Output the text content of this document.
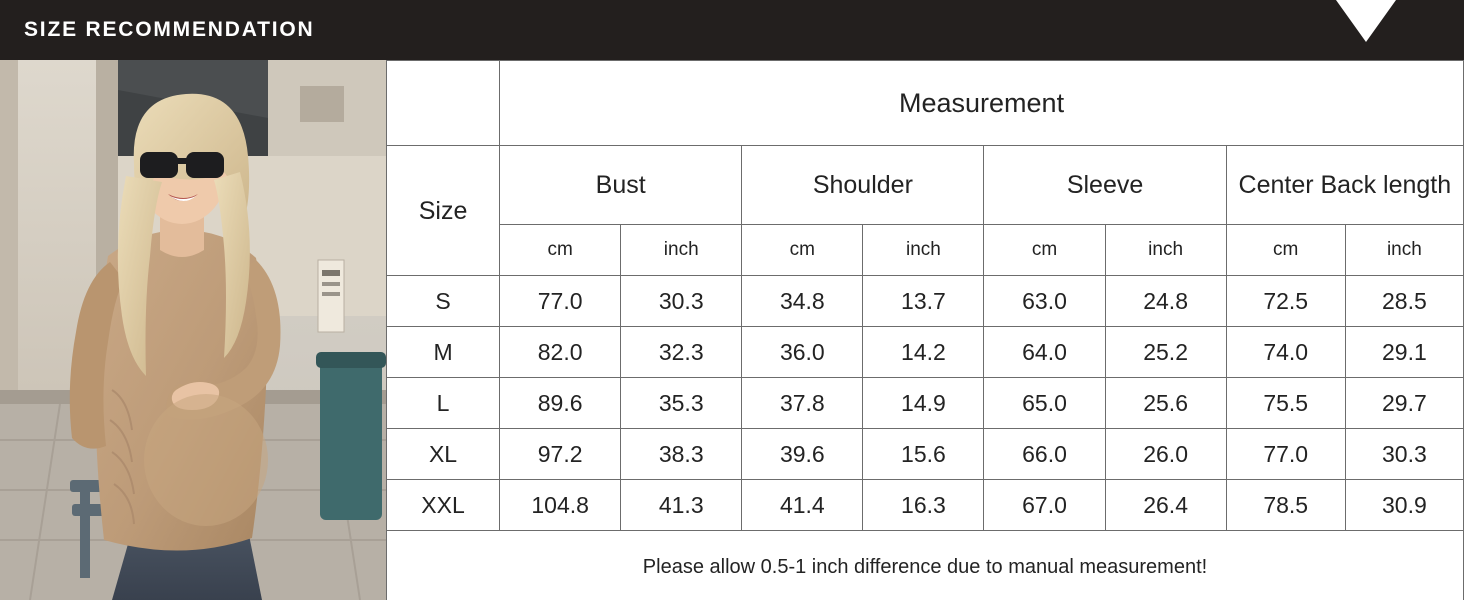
SIZE RECOMMENDATION
	Measurement							
Size	Bust		Shoulder		Sleeve		Center Back length	
	cm	inch	cm	inch	cm	inch	cm	inch
S	77.0	30.3	34.8	13.7	63.0	24.8	72.5	28.5
M	82.0	32.3	36.0	14.2	64.0	25.2	74.0	29.1
L	89.6	35.3	37.8	14.9	65.0	25.6	75.5	29.7
XL	97.2	38.3	39.6	15.6	66.0	26.0	77.0	30.3
XXL	104.8	41.3	41.4	16.3	67.0	26.4	78.5	30.9
Please allow 0.5-1 inch difference due to manual measurement!								
